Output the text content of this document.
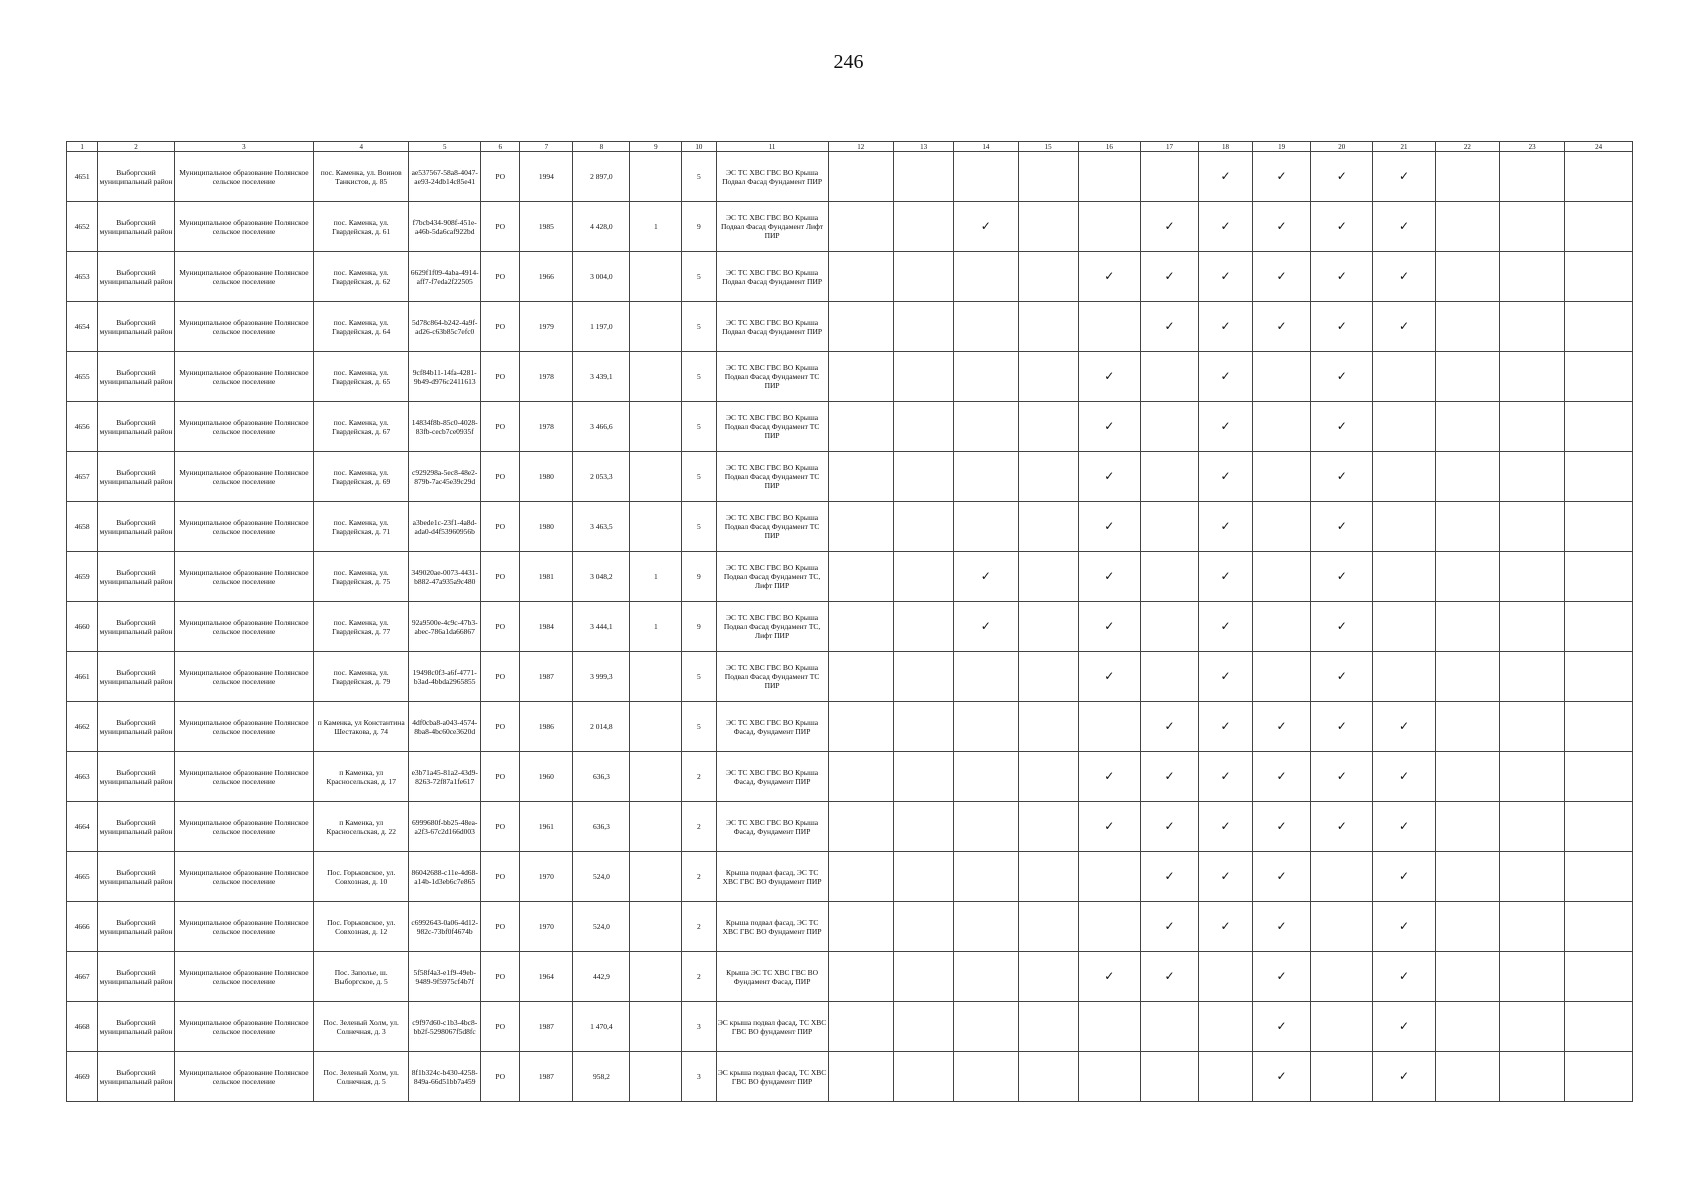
246
1	2	3	4	5	6	7	8	9	10	11	12	13	14	15	16	17	18	19	20	21	22	23	24
4651	Выборгский муниципальный район	Муниципальное образование Полянское сельское поселение	пос. Каменка, ул. Воинов Танкистов, д. 85	ae537567-58a8-4047-ae93-24db14c85e41	РО	1994	2 897,0		5	ЭС ТС ХВС ГВС ВО Крыша Подвал Фасад Фундамент ПИР							✓	✓	✓	✓			
4652	Выборгский муниципальный район	Муниципальное образование Полянское сельское поселение	пос. Каменка, ул. Гвардейская, д. 61	f7bcb434-908f-451e-a46b-5da6caf922bd	РО	1985	4 428,0	1	9	ЭС ТС ХВС ГВС ВО Крыша Подвал Фасад Фундамент Лифт ПИР			✓			✓	✓	✓	✓	✓			
4653	Выборгский муниципальный район	Муниципальное образование Полянское сельское поселение	пос. Каменка, ул. Гвардейская, д. 62	6629f1f09-4aba-4914-aff7-f7eda2f22505	РО	1966	3 004,0		5	ЭС ТС ХВС ГВС ВО Крыша Подвал Фасад Фундамент ПИР					✓	✓	✓	✓	✓	✓			
4654	Выборгский муниципальный район	Муниципальное образование Полянское сельское поселение	пос. Каменка, ул. Гвардейская, д. 64	5d78c864-b242-4a9f-ad26-c63b85c7efc0	РО	1979	1 197,0		5	ЭС ТС ХВС ГВС ВО Крыша Подвал Фасад Фундамент ПИР						✓	✓	✓	✓	✓			
4655	Выборгский муниципальный район	Муниципальное образование Полянское сельское поселение	пос. Каменка, ул. Гвардейская, д. 65	9cf84b11-14fa-4281-9b49-d976c2411613	РО	1978	3 439,1		5	ЭС ТС ХВС ГВС ВО Крыша Подвал Фасад Фундамент ТС ПИР					✓		✓		✓				
4656	Выборгский муниципальный район	Муниципальное образование Полянское сельское поселение	пос. Каменка, ул. Гвардейская, д. 67	14834f8b-85c0-4028-83fb-cecb7ce0935f	РО	1978	3 466,6		5	ЭС ТС ХВС ГВС ВО Крыша Подвал Фасад Фундамент ТС ПИР					✓		✓		✓				
4657	Выборгский муниципальный район	Муниципальное образование Полянское сельское поселение	пос. Каменка, ул. Гвардейская, д. 69	c929298a-5ec8-48e2-879b-7ac45e39c29d	РО	1980	2 053,3		5	ЭС ТС ХВС ГВС ВО Крыша Подвал Фасад Фундамент ТС ПИР					✓		✓		✓				
4658	Выборгский муниципальный район	Муниципальное образование Полянское сельское поселение	пос. Каменка, ул. Гвардейская, д. 71	a3bede1c-23f1-4a8d-ada0-d4f53960956b	РО	1980	3 463,5		5	ЭС ТС ХВС ГВС ВО Крыша Подвал Фасад Фундамент ТС ПИР					✓		✓		✓				
4659	Выборгский муниципальный район	Муниципальное образование Полянское сельское поселение	пос. Каменка, ул. Гвардейская, д. 75	349020ae-0073-4431-b882-47a935a9c480	РО	1981	3 048,2	1	9	ЭС ТС ХВС ГВС ВО Крыша Подвал Фасад Фундамент ТС, Лифт ПИР			✓		✓		✓		✓				
4660	Выборгский муниципальный район	Муниципальное образование Полянское сельское поселение	пос. Каменка, ул. Гвардейская, д. 77	92a9500e-4c9c-47b3-abec-786a1da66867	РО	1984	3 444,1	1	9	ЭС ТС ХВС ГВС ВО Крыша Подвал Фасад Фундамент ТС, Лифт ПИР			✓		✓		✓		✓				
4661	Выборгский муниципальный район	Муниципальное образование Полянское сельское поселение	пос. Каменка, ул. Гвардейская, д. 79	19498c0f3-a6f-4771-b3ad-4bbda2965855	РО	1987	3 999,3		5	ЭС ТС ХВС ГВС ВО Крыша Подвал Фасад Фундамент ТС ПИР					✓		✓		✓				
4662	Выборгский муниципальный район	Муниципальное образование Полянское сельское поселение	п Каменка, ул Константина Шестакова, д. 74	4df0cba8-a043-4574-8ba8-4bc60ce3620d	РО	1986	2 014,8		5	ЭС ТС ХВС ГВС ВО Крыша Фасад, Фундамент ПИР						✓	✓	✓	✓	✓			
4663	Выборгский муниципальный район	Муниципальное образование Полянское сельское поселение	п Каменка, ул Красносельская, д. 17	e3b71a45-81a2-43d9-8263-72f87a1fe617	РО	1960	636,3		2	ЭС ТС ХВС ГВС ВО Крыша Фасад, Фундамент ПИР					✓	✓	✓	✓	✓	✓			
4664	Выборгский муниципальный район	Муниципальное образование Полянское сельское поселение	п Каменка, ул Красносельская, д. 22	6999680f-bb25-48ea-a2f3-67c2d166d003	РО	1961	636,3		2	ЭС ТС ХВС ГВС ВО Крыша Фасад, Фундамент ПИР					✓	✓	✓	✓	✓	✓			
4665	Выборгский муниципальный район	Муниципальное образование Полянское сельское поселение	Пос. Горьковское, ул. Совхозная, д. 10	86042688-c11e-4d68-a14b-1d3eb6c7e865	РО	1970	524,0		2	Крыша подвал фасад, ЭС ТС ХВС ГВС ВО Фундамент ПИР						✓	✓	✓		✓			
4666	Выборгский муниципальный район	Муниципальное образование Полянское сельское поселение	Пос. Горьковское, ул. Совхозная, д. 12	c6992643-0a06-4d12-982c-73bf0f4674b	РО	1970	524,0		2	Крыша подвал фасад, ЭС ТС ХВС ГВС ВО Фундамент ПИР						✓	✓	✓		✓			
4667	Выборгский муниципальный район	Муниципальное образование Полянское сельское поселение	Пос. Заполье, ш. Выборгское, д. 5	5f58f4a3-e1f9-49eb-9489-9f5975cf4b7f	РО	1964	442,9		2	Крыша ЭС ТС ХВС ГВС ВО Фундамент Фасад, ПИР					✓	✓		✓		✓			
4668	Выборгский муниципальный район	Муниципальное образование Полянское сельское поселение	Пос. Зеленый Холм, ул. Солнечная, д. 3	c9f97d60-c1b3-4bc8-bb2f-5298067f5d8fc	РО	1987	1 470,4		3	ЭС крыша подвал фасад, ТС ХВС ГВС ВО фундамент ПИР								✓		✓			
4669	Выборгский муниципальный район	Муниципальное образование Полянское сельское поселение	Пос. Зеленый Холм, ул. Солнечная, д. 5	8f1b324c-b430-4258-849a-66d51bb7a459	РО	1987	958,2		3	ЭС крыша подвал фасад, ТС ХВС ГВС ВО фундамент ПИР								✓		✓			
